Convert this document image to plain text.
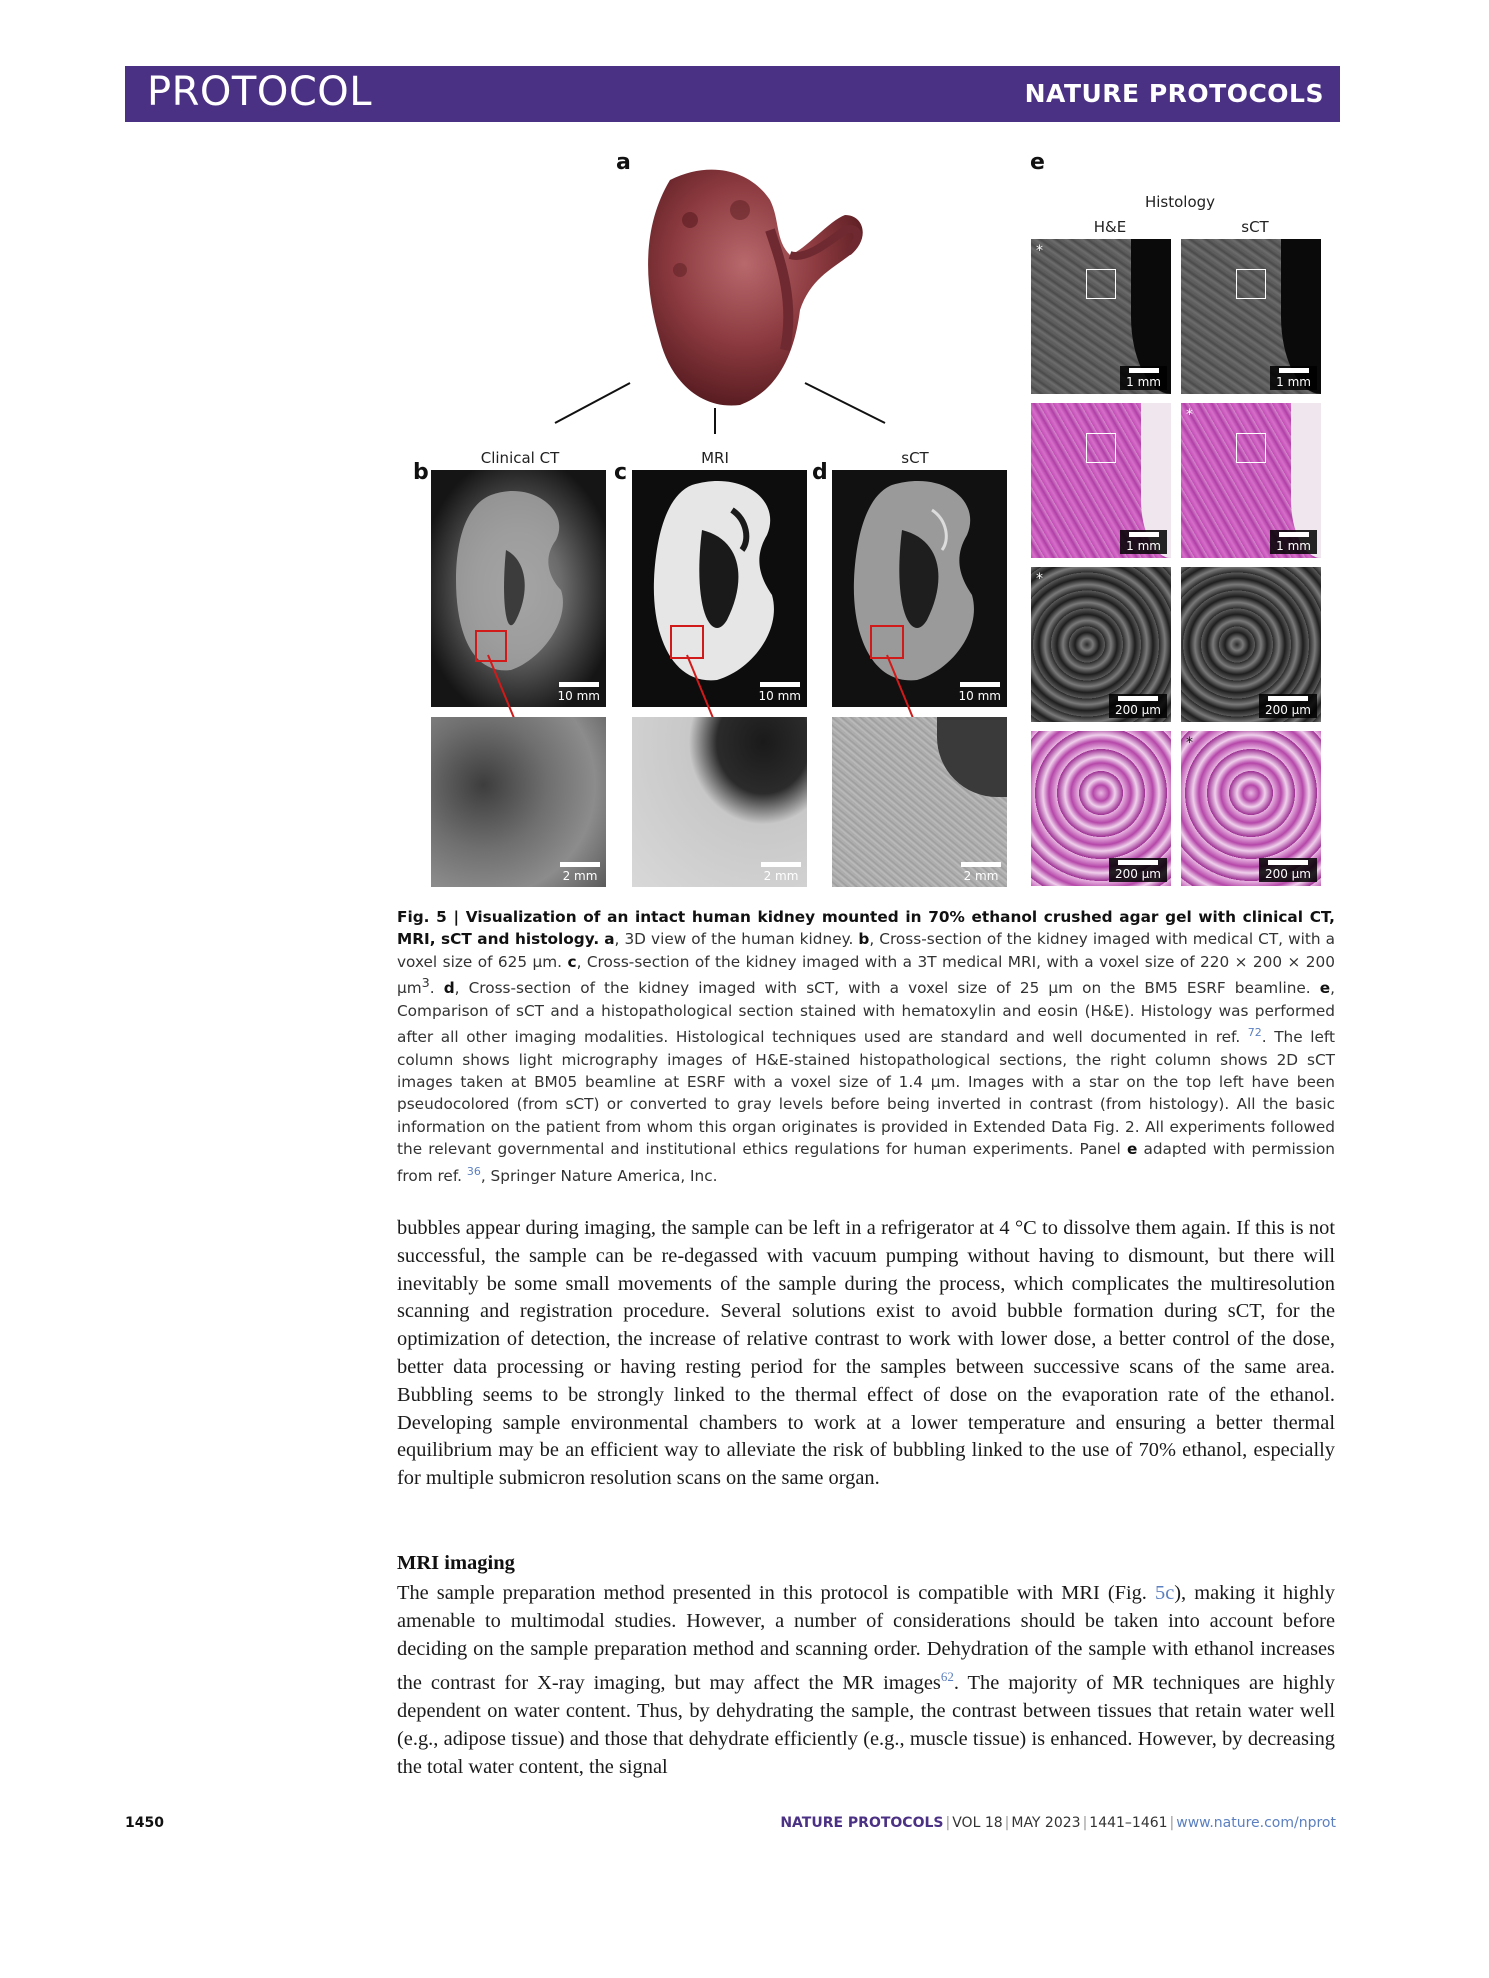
PROTOCOL	NATURE PROTOCOLS
a
Clinical CT	MRI	sCT
b	c	d
10 mm	10 mm	10 mm
2 mm	2 mm	2 mm
e
Histology
H&E	sCT
*
1 mm	1 mm
1 mm
*
1 mm
*
200 µm	200 µm
200 µm
*
200 µm
Fig. 5 | Visualization of an intact human kidney mounted in 70% ethanol crushed agar gel with clinical CT, MRI, sCT and histology. a, 3D view of the human kidney. b, Cross-section of the kidney imaged with medical CT, with a voxel size of 625 µm. c, Cross-section of the kidney imaged with a 3T medical MRI, with a voxel size of 220 × 200 × 200 µm$^3$. d, Cross-section of the kidney imaged with sCT, with a voxel size of 25 µm on the BM5 ESRF beamline. e, Comparison of sCT and a histopathological section stained with hematoxylin and eosin (H&E). Histology was performed after all other imaging modalities. Histological techniques used are standard and well documented in ref. $^{72}$. The left column shows light micrography images of H&E-stained histopathological sections, the right column shows 2D sCT images taken at BM05 beamline at ESRF with a voxel size of 1.4 µm. Images with a star on the top left have been pseudocolored (from sCT) or converted to gray levels before being inverted in contrast (from histology). All the basic information on the patient from whom this organ originates is provided in Extended Data Fig. 2. All experiments followed the relevant governmental and institutional ethics regulations for human experiments. Panel e adapted with permission from ref. $^{36}$, Springer Nature America, Inc.
bubbles appear during imaging, the sample can be left in a refrigerator at 4 °C to dissolve them again. If this is not successful, the sample can be re-degassed with vacuum pumping without having to dismount, but there will inevitably be some small movements of the sample during the process, which complicates the multiresolution scanning and registration procedure. Several solutions exist to avoid bubble formation during sCT, for the optimization of detection, the increase of relative contrast to work with lower dose, a better control of the dose, better data processing or having resting period for the samples between successive scans of the same area. Bubbling seems to be strongly linked to the thermal effect of dose on the evaporation rate of the ethanol. Developing sample environmental chambers to work at a lower temperature and ensuring a better thermal equilibrium may be an efficient way to alleviate the risk of bubbling linked to the use of 70% ethanol, especially for multiple submicron resolution scans on the same organ.
MRI imaging
The sample preparation method presented in this protocol is compatible with MRI (Fig. 5c), making it highly amenable to multimodal studies. However, a number of considerations should be taken into account before deciding on the sample preparation method and scanning order. Dehydration of the sample with ethanol increases the contrast for X-ray imaging, but may affect the MR images$^{62}$. The majority of MR techniques are highly dependent on water content. Thus, by dehydrating the sample, the contrast between tissues that retain water well (e.g., adipose tissue) and those that dehydrate efficiently (e.g., muscle tissue) is enhanced. However, by decreasing the total water content, the signal
1450	NATURE PROTOCOLS | VOL 18 | MAY 2023 | 1441–1461 | www.nature.com/nprot
